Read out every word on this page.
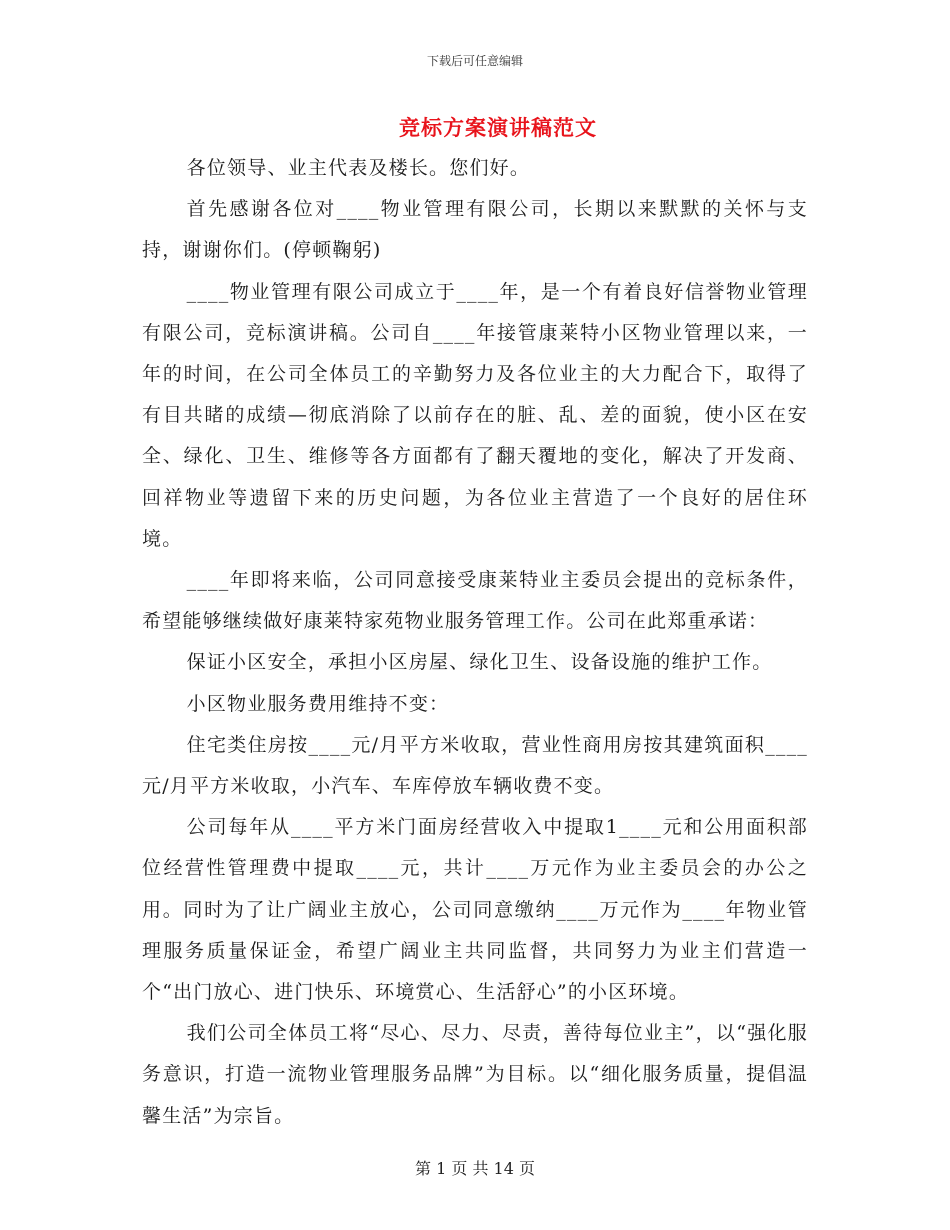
下载后可任意编辑
竞标方案演讲稿范文

各位领导、业主代表及楼长。您们好。

首先感谢各位对____物业管理有限公司，长期以来默默的关怀与支持，谢谢你们。(停顿鞠躬)

____物业管理有限公司成立于____年，是一个有着良好信誉物业管理有限公司，竞标演讲稿。公司自____年接管康莱特小区物业管理以来，一年的时间，在公司全体员工的辛勤努力及各位业主的大力配合下，取得了有目共睹的成绩—彻底消除了以前存在的脏、乱、差的面貌，使小区在安全、绿化、卫生、维修等各方面都有了翻天覆地的变化，解决了开发商、回祥物业等遗留下来的历史问题，为各位业主营造了一个良好的居住环境。

____年即将来临，公司同意接受康莱特业主委员会提出的竞标条件，希望能够继续做好康莱特家苑物业服务管理工作。公司在此郑重承诺：

保证小区安全，承担小区房屋、绿化卫生、设备设施的维护工作。

小区物业服务费用维持不变：

住宅类住房按____元/月平方米收取，营业性商用房按其建筑面积____元/月平方米收取，小汽车、车库停放车辆收费不变。

公司每年从____平方米门面房经营收入中提取1____元和公用面积部位经营性管理费中提取____元，共计____万元作为业主委员会的办公之用。同时为了让广阔业主放心，公司同意缴纳____万元作为____年物业管理服务质量保证金，希望广阔业主共同监督，共同努力为业主们营造一个“出门放心、进门快乐、环境赏心、生活舒心”的小区环境。

我们公司全体员工将“尽心、尽力、尽责，善待每位业主”，以“强化服务意识，打造一流物业管理服务品牌”为目标。以“细化服务质量，提倡温馨生活”为宗旨。

第 1 页 共 14 页
